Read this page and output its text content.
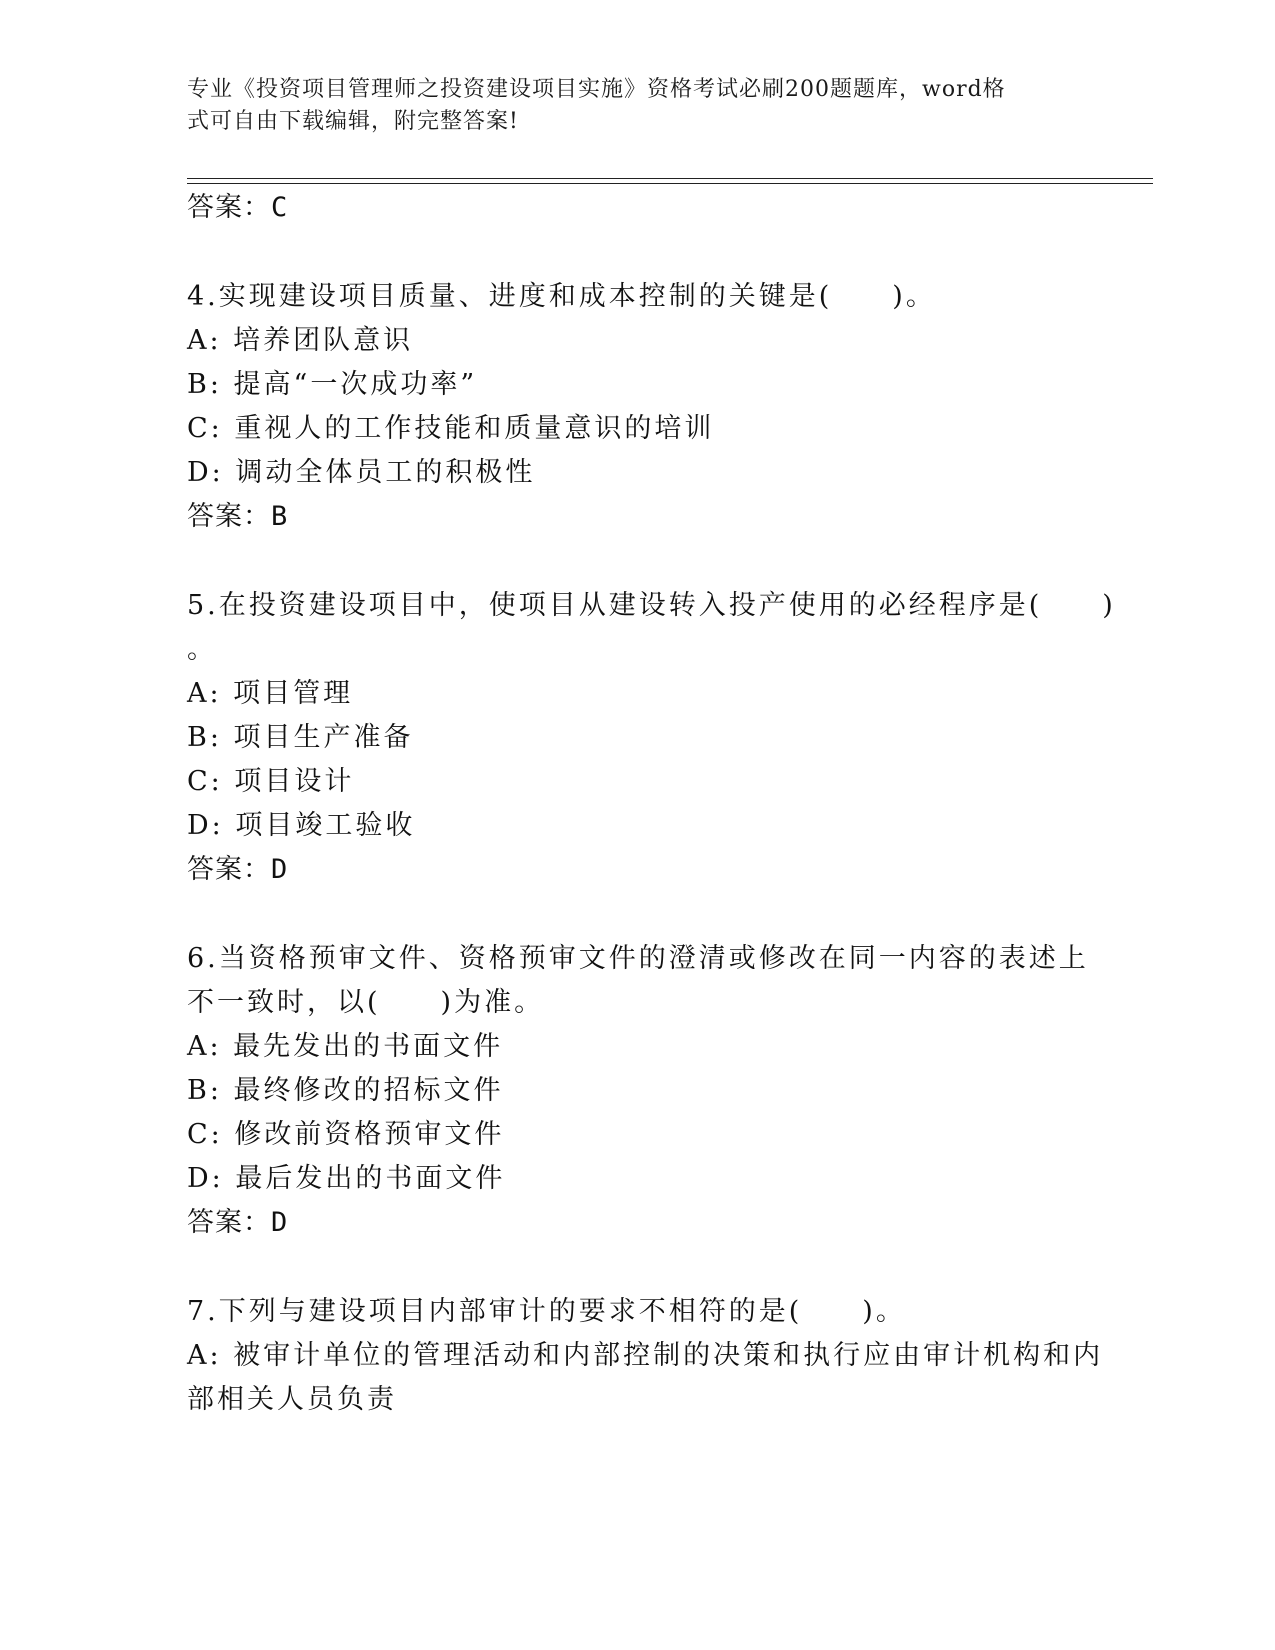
专业《投资项目管理师之投资建设项目实施》资格考试必刷200题题库，word格
式可自由下载编辑，附完整答案!
答案：C
4.实现建设项目质量、进度和成本控制的关键是(　　)。
A: 培养团队意识
B: 提高“一次成功率”
C: 重视人的工作技能和质量意识的培训
D: 调动全体员工的积极性
答案：B
5.在投资建设项目中，使项目从建设转入投产使用的必经程序是(　　)
。
A: 项目管理
B: 项目生产准备
C: 项目设计
D: 项目竣工验收
答案：D
6.当资格预审文件、资格预审文件的澄清或修改在同一内容的表述上
不一致时，以(　　)为准。
A: 最先发出的书面文件
B: 最终修改的招标文件
C: 修改前资格预审文件
D: 最后发出的书面文件
答案：D
7.下列与建设项目内部审计的要求不相符的是(　　)。
A: 被审计单位的管理活动和内部控制的决策和执行应由审计机构和内
部相关人员负责
